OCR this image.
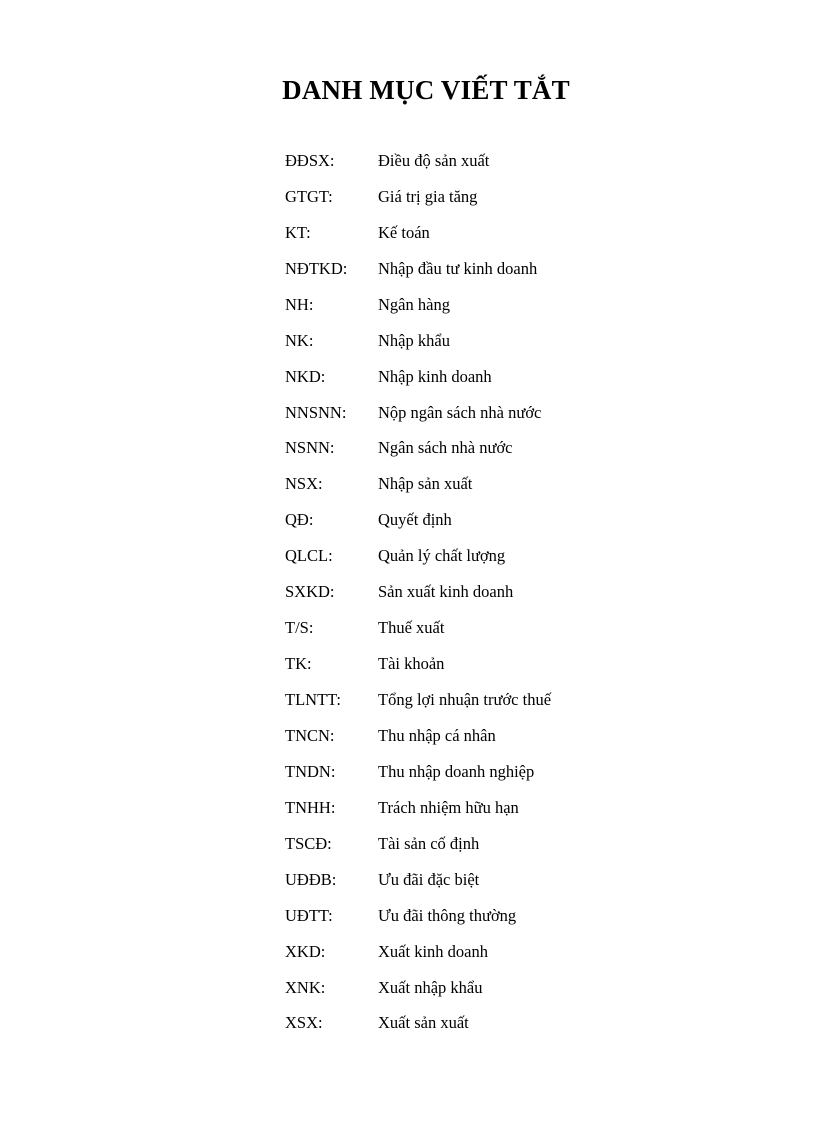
DANH MỤC VIẾT TẮT
ĐĐSX:	Điều độ sản xuất
GTGT:	Giá trị gia tăng
KT:	Kế toán
NĐTKD:	Nhập đầu tư kinh doanh
NH:	Ngân hàng
NK:	Nhập khẩu
NKD:	Nhập kinh doanh
NNSNN:	Nộp ngân sách nhà nước
NSNN:	Ngân sách nhà nước
NSX:	Nhập sản xuất
QĐ:	Quyết định
QLCL:	Quản lý chất lượng
SXKD:	Sản xuất kinh doanh
T/S:	Thuế xuất
TK:	Tài khoản
TLNTT:	Tổng lợi nhuận trước thuế
TNCN:	Thu nhập cá nhân
TNDN:	Thu nhập doanh nghiệp
TNHH:	Trách nhiệm hữu hạn
TSCĐ:	Tài sản cố định
UĐĐB:	Ưu đãi đặc biệt
UĐTT:	Ưu đãi thông thường
XKD:	Xuất kinh doanh
XNK:	Xuất nhập khẩu
XSX:	Xuất sản xuất
